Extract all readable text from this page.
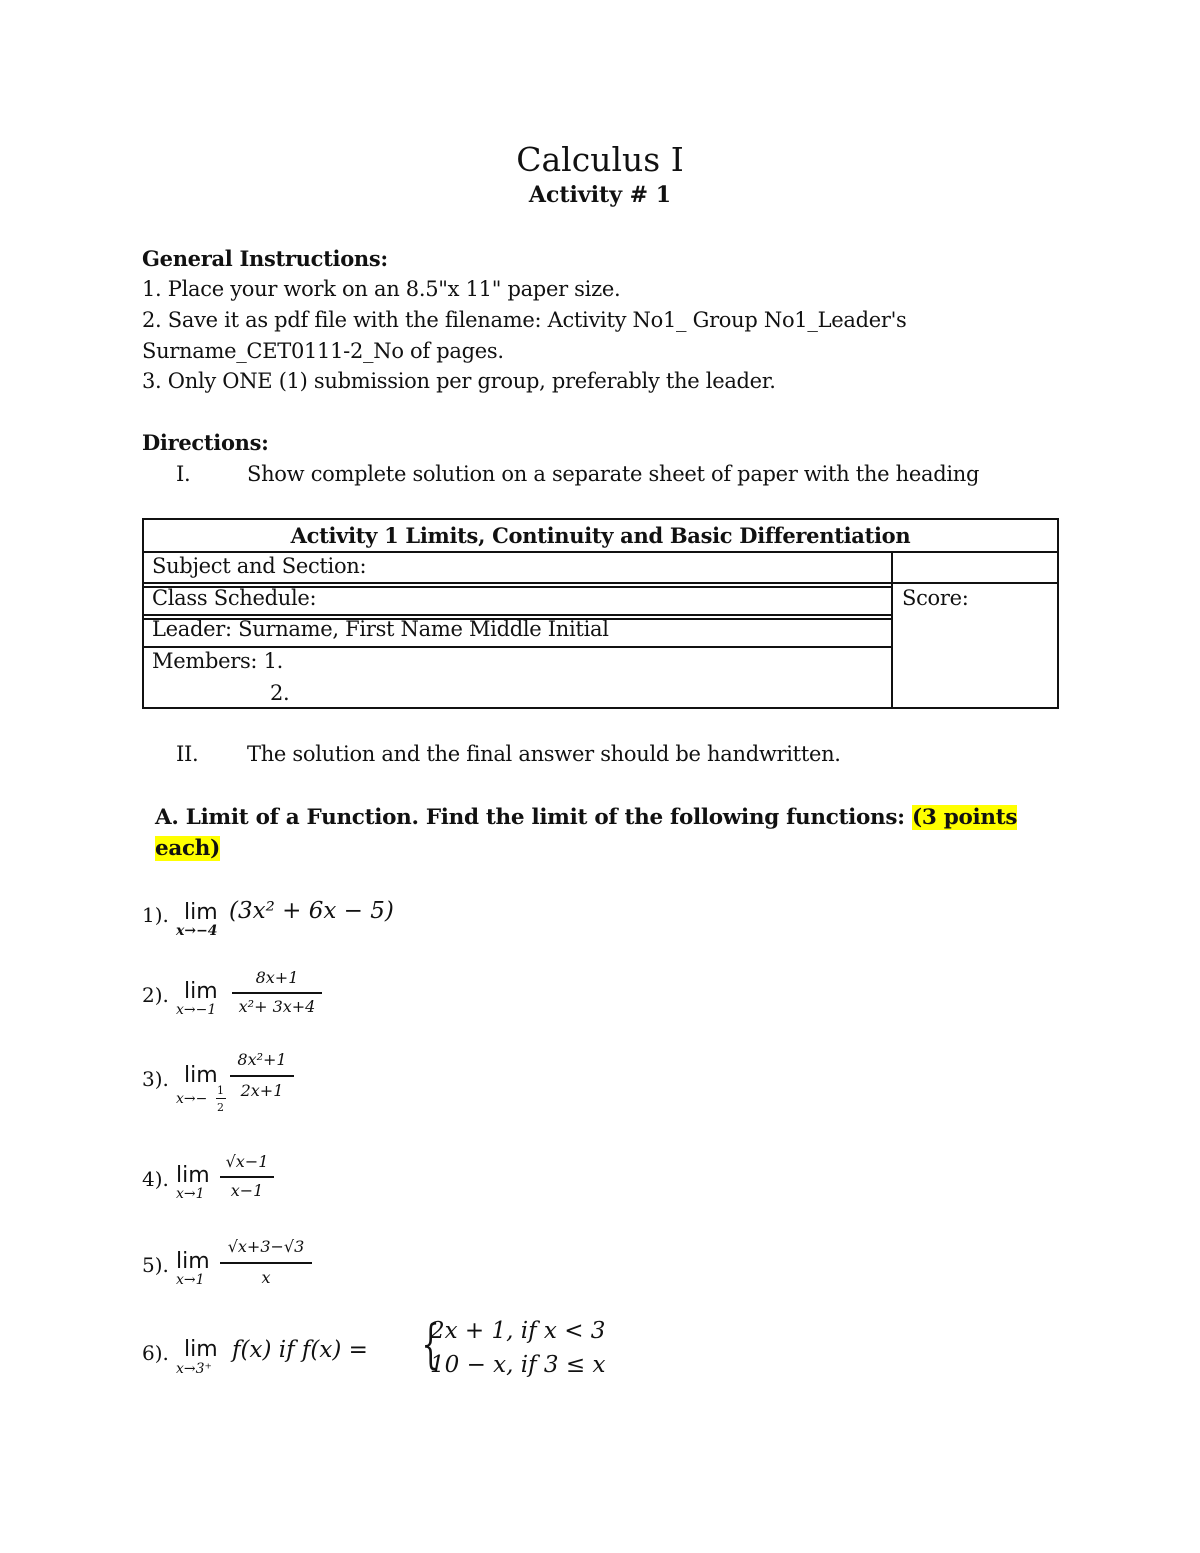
Calculus I
Activity # 1
General Instructions:
1. Place your work on an 8.5"x 11" paper size.
2. Save it as pdf file with the filename: Activity No1_ Group No1_Leader's
Surname_CET0111-2_No of pages.
3. Only ONE (1) submission per group, preferably the leader.
Directions:
I.	Show complete solution on a separate sheet of paper with the heading
Activity 1 Limits, Continuity and Basic Differentiation
Subject and Section:
Class Schedule:	Score:
Leader: Surname, First Name Middle Initial
Members: 1.
2.
II. The solution and the final answer should be handwritten.
A. Limit of a Function. Find the limit of the following functions: (3 points
each)
1). lim
x→−4
(3x² + 6x − 5)
2). lim
x→−1
8x+1
x²+ 3x+4
3). lim
x→−
1
2
8x²+1
2x+1
4). lim
x→1
√x−1
x−1
5). lim
x→1
√x+3−√3
x
6). lim
x→3⁺
f(x) if f(x) = {
2x + 1, if x < 3
10 − x, if 3 ≤ x
